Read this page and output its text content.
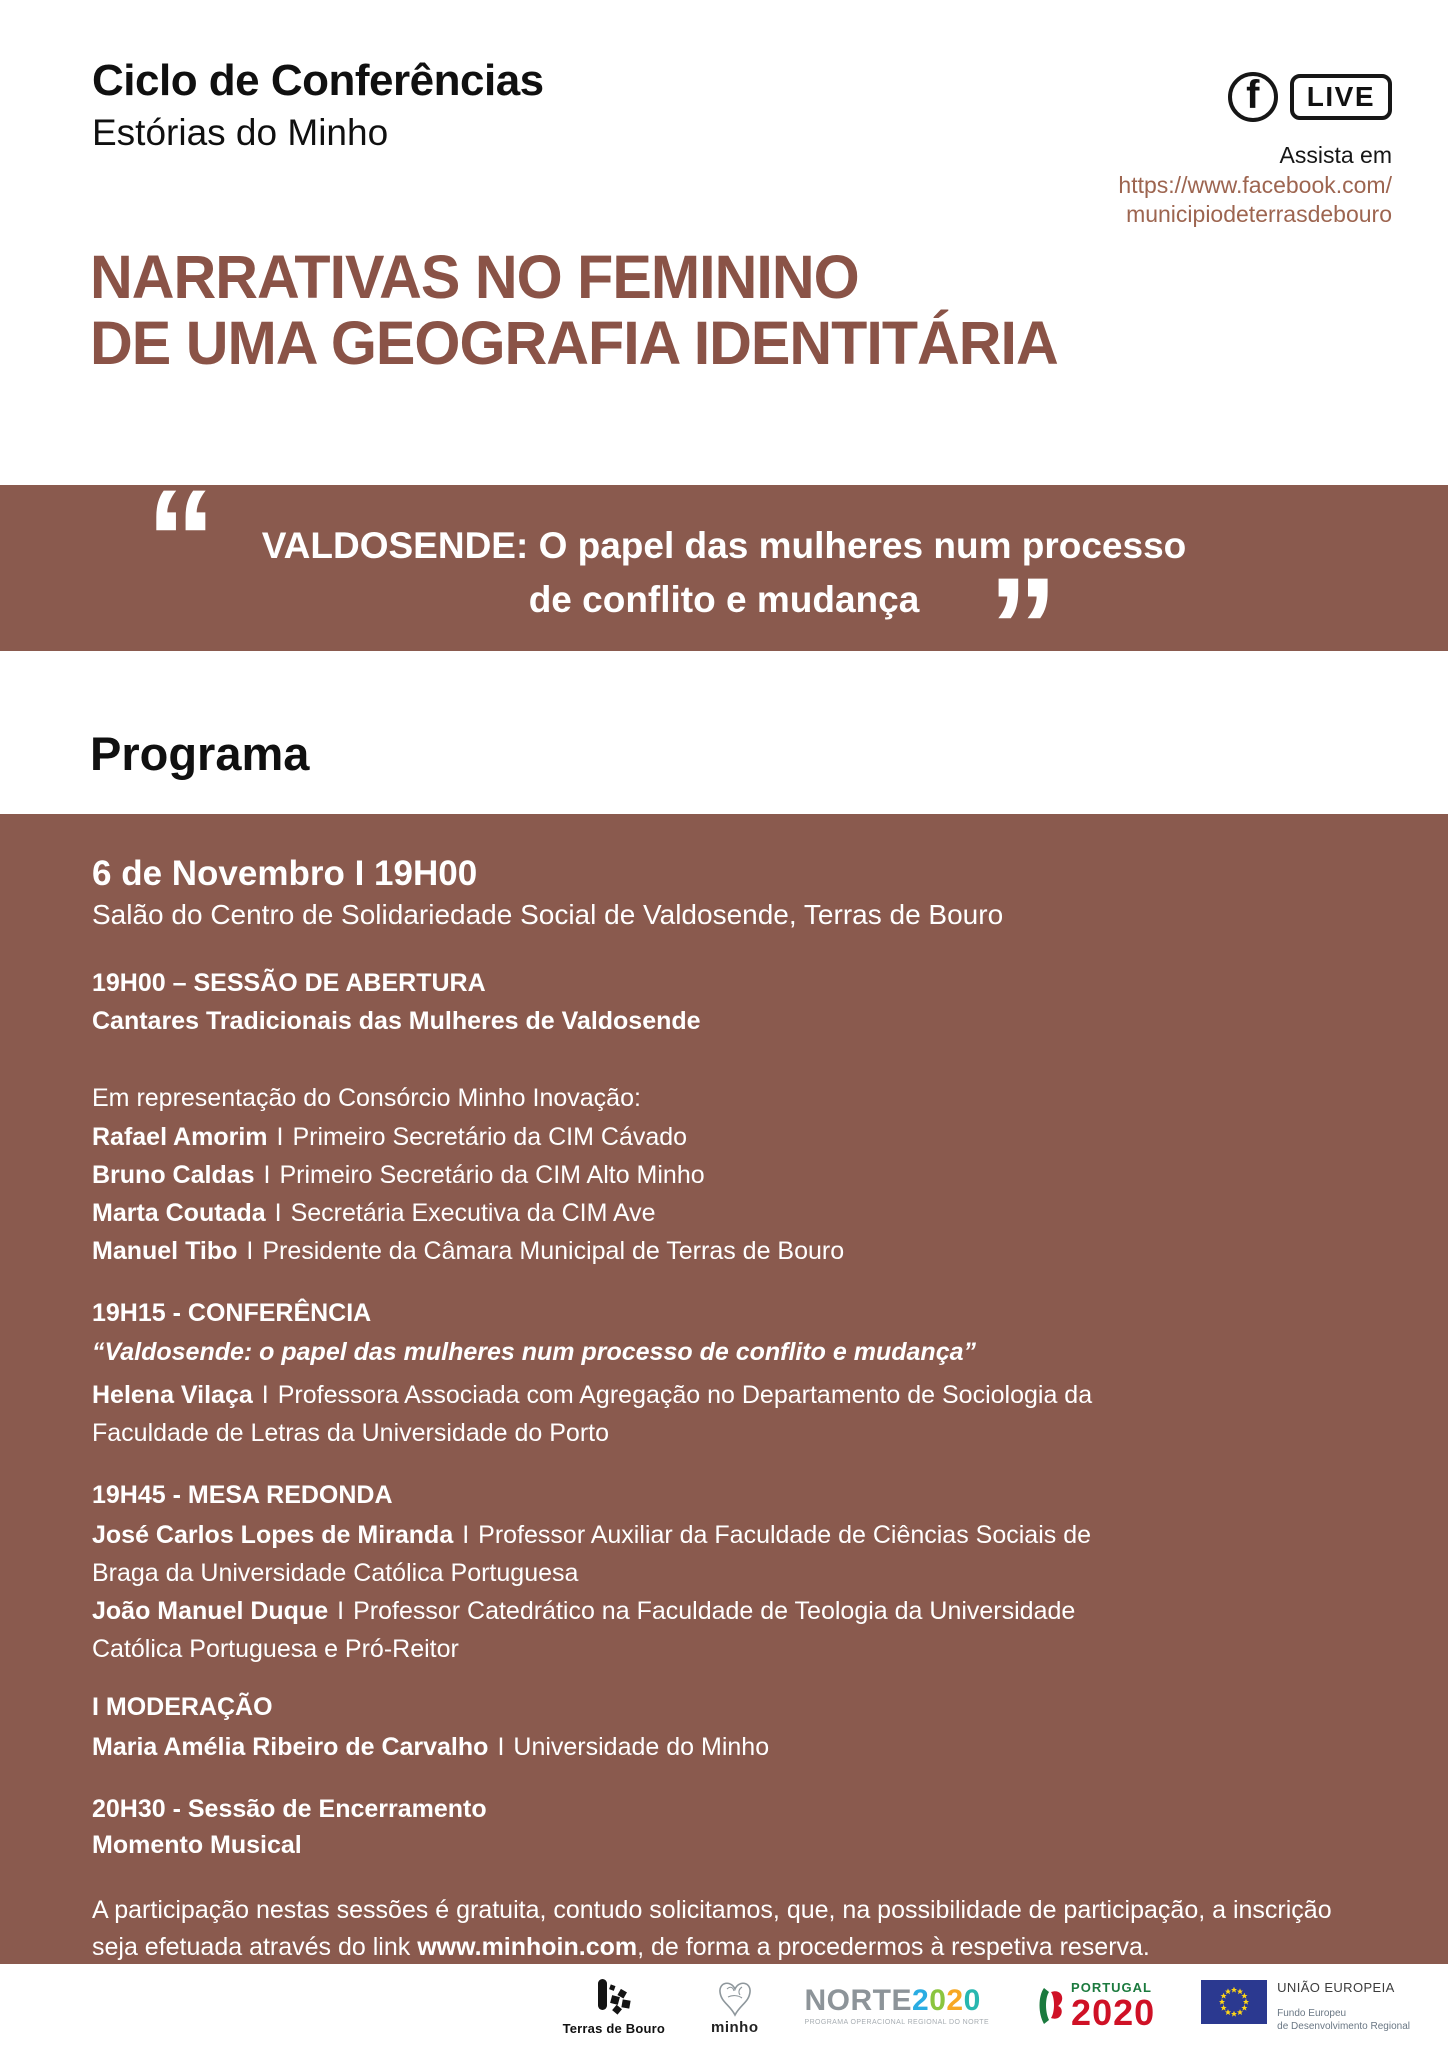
Ciclo de Conferências
Estórias do Minho
f	LIVE
Assista em
https://www.facebook.com/
municipiodeterrasdebouro
NARRATIVAS NO FEMININO
DE UMA GEOGRAFIA IDENTITÁRIA
“	VALDOSENDE: O papel das mulheres num processo
de conflito e mudança ”
Programa
6 de Novembro I 19H00
Salão do Centro de Solidariedade Social de Valdosende, Terras de Bouro
19H00 – SESSÃO DE ABERTURA
Cantares Tradicionais das Mulheres de Valdosende
Em representação do Consórcio Minho Inovação:
Rafael Amorim I Primeiro Secretário da CIM Cávado
Bruno Caldas I Primeiro Secretário da CIM Alto Minho
Marta Coutada I Secretária Executiva da CIM Ave
Manuel Tibo I Presidente da Câmara Municipal de Terras de Bouro
19H15 - CONFERÊNCIA
“Valdosende: o papel das mulheres num processo de conflito e mudança”
Helena Vilaça I Professora Associada com Agregação no Departamento de Sociologia da Faculdade de Letras da Universidade do Porto
19H45 - MESA REDONDA
José Carlos Lopes de Miranda I Professor Auxiliar da Faculdade de Ciências Sociais de Braga da Universidade Católica Portuguesa
João Manuel Duque I Professor Catedrático na Faculdade de Teologia da Universidade Católica Portuguesa e Pró-Reitor
I MODERAÇÃO
Maria Amélia Ribeiro de Carvalho I Universidade do Minho
20H30 - Sessão de Encerramento
Momento Musical

A participação nestas sessões é gratuita, contudo solicitamos, que, na possibilidade de participação, a inscrição seja efetuada através do link www.minhoin.com, de forma a procedermos à respetiva reserva.

Terras de Bouro	minho
NORTE2020
PROGRAMA OPERACIONAL REGIONAL DO NORTE
PORTUGAL
2020
UNIÃO EUROPEIA
Fundo Europeu
de Desenvolvimento Regional
